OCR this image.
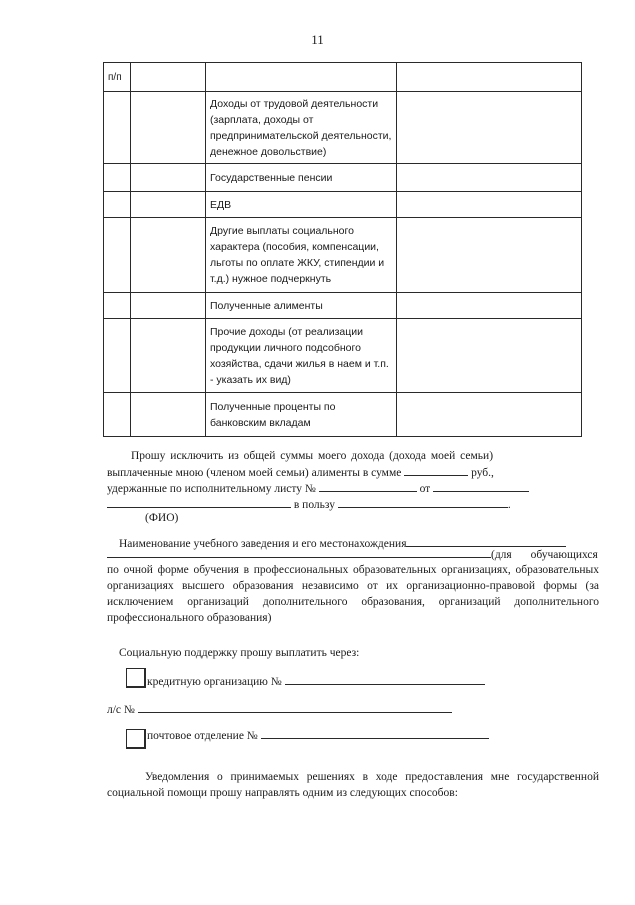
11
п/п			

		Доходы от трудовой деятельности (зарплата, доходы от предпринимательской деятельности, денежное довольствие)	

		Государственные пенсии	

		ЕДВ	

		Другие выплаты социального характера (пособия, компенсации, льготы по оплате ЖКУ, стипендии и т.д.) нужное подчеркнуть	

		Полученные алименты	

		Прочие доходы (от реализации продукции личного подсобного хозяйства, сдачи жилья в наем и т.п. - указать их вид)	

		Полученные проценты по банковским вкладам	

Прошу исключить из общей суммы моего дохода (дохода моей семьи)
выплаченные мною (членом моей семьи) алименты в сумме	руб.,
удержанные по исполнительному листу №	от
в пользу	.
(ФИО)
Наименование учебного заведения и его местонахождения
(для обучающихся
по очной форме обучения в профессиональных образовательных организациях, образовательных организациях высшего образования независимо от их организационно-правовой формы (за исключением организаций дополнительного образования, организаций дополнительного профессионального образования)
Социальную поддержку прошу выплатить через:
кредитную организацию №
л/с №
почтовое отделение №
Уведомления о принимаемых решениях в ходе предоставления мне государственной социальной помощи прошу направлять одним из следующих способов:
